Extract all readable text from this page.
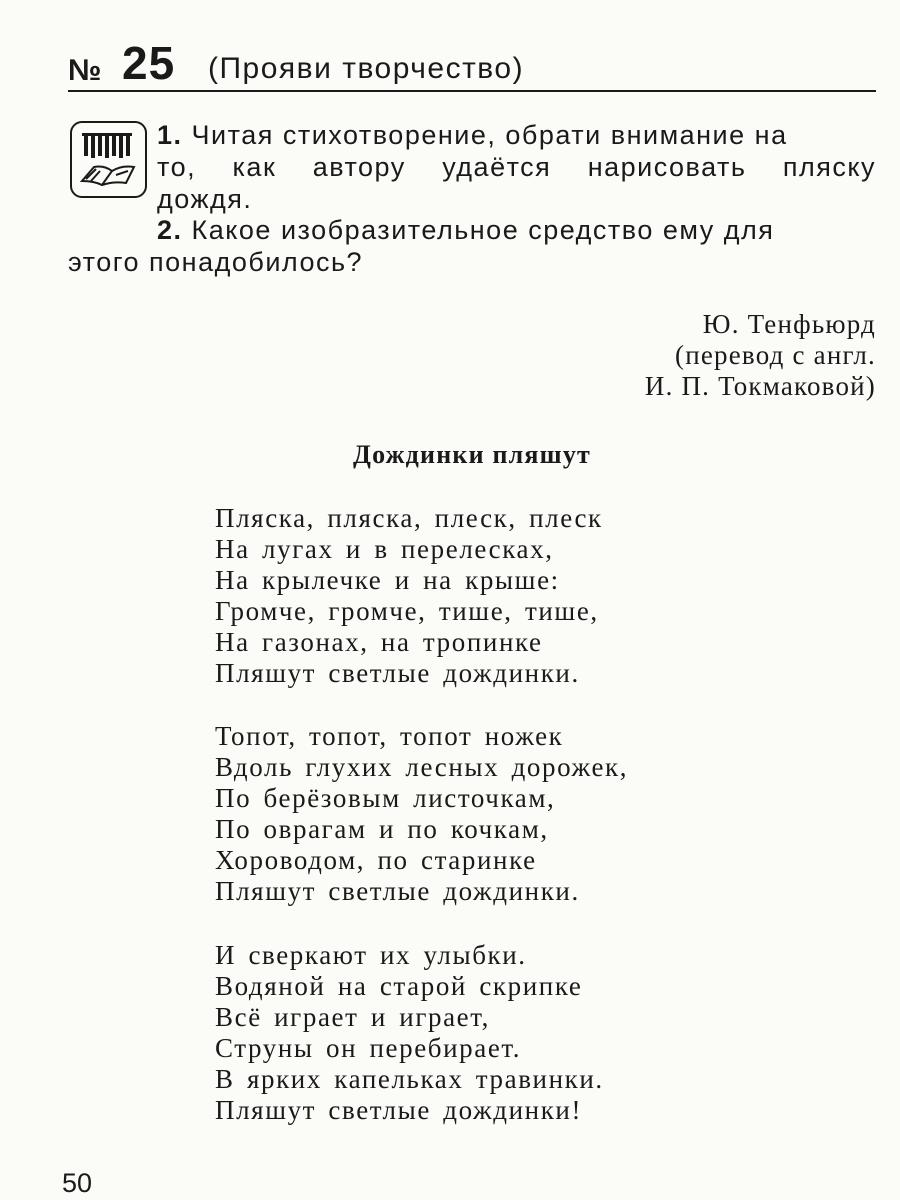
№ 25 (Прояви творчество)
1. Читая стихотворение, обрати внимание на
то, как автору удаётся нарисовать пляску
дождя.
2. Какое изобразительное средство ему для
этого понадобилось?
Ю. Тенфьюрд
(перевод с англ.
И. П. Токмаковой)
Дождинки пляшут
Пляска, пляска, плеск, плеск
На лугах и в перелесках,
На крылечке и на крыше:
Громче, громче, тише, тише,
На газонах, на тропинке
Пляшут светлые дождинки.
Топот, топот, топот ножек
Вдоль глухих лесных дорожек,
По берёзовым листочкам,
По оврагам и по кочкам,
Хороводом, по старинке
Пляшут светлые дождинки.
И сверкают их улыбки.
Водяной на старой скрипке
Всё играет и играет,
Струны он перебирает.
В ярких капельках травинки.
Пляшут светлые дождинки!
50
